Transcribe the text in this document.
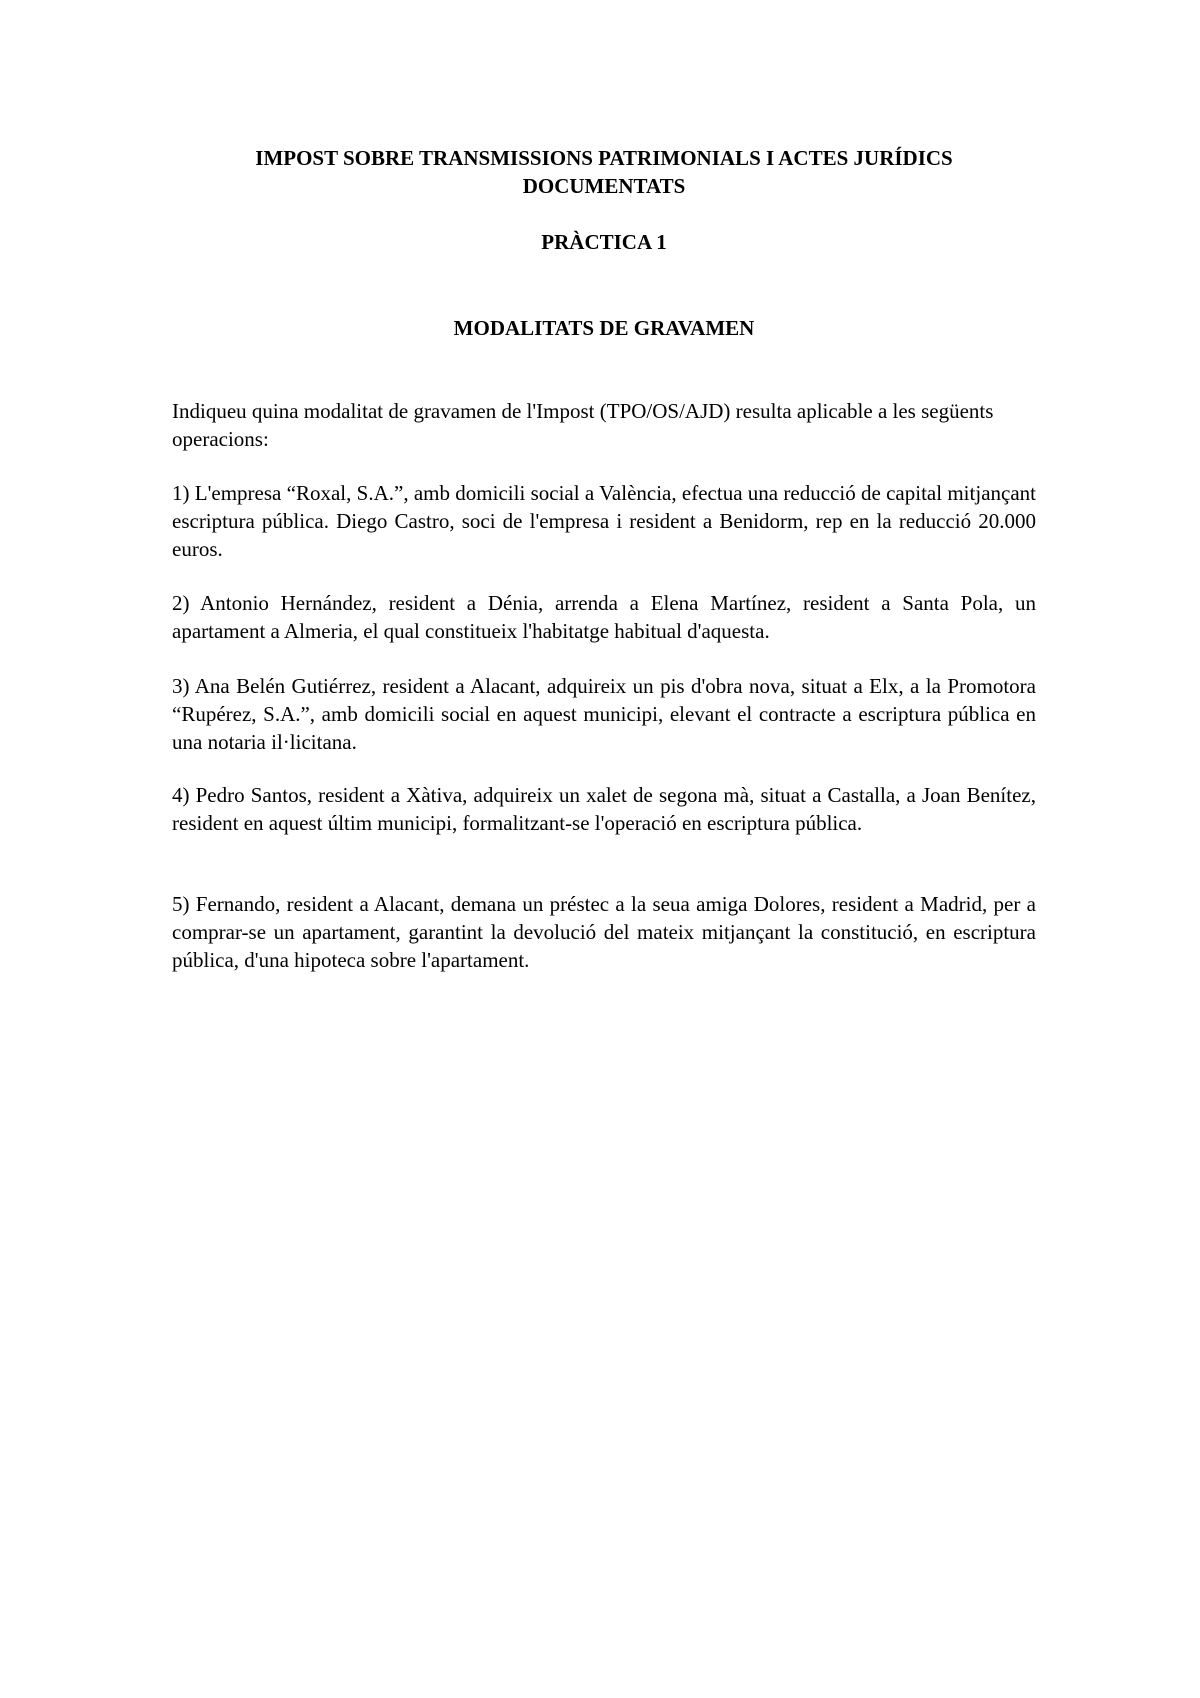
IMPOST SOBRE TRANSMISSIONS PATRIMONIALS I ACTES JURÍDICS DOCUMENTATS
PRÀCTICA 1
MODALITATS DE GRAVAMEN

Indiqueu quina modalitat de gravamen de l'Impost (TPO/OS/AJD) resulta aplicable a les següents operacions:

1) L'empresa “Roxal, S.A.”, amb domicili social a València, efectua una reducció de capital mitjançant escriptura pública. Diego Castro, soci de l'empresa i resident a Benidorm, rep en la reducció 20.000 euros.

2) Antonio Hernández, resident a Dénia, arrenda a Elena Martínez, resident a Santa Pola, un apartament a Almeria, el qual constitueix l'habitatge habitual d'aquesta.

3) Ana Belén Gutiérrez, resident a Alacant, adquireix un pis d'obra nova, situat a Elx, a la Promotora “Rupérez, S.A.”, amb domicili social en aquest municipi, elevant el contracte a escriptura pública en una notaria il·licitana.

4) Pedro Santos, resident a Xàtiva, adquireix un xalet de segona mà, situat a Castalla, a Joan Benítez, resident en aquest últim municipi, formalitzant-se l'operació en escriptura pública.

5) Fernando, resident a Alacant, demana un préstec a la seua amiga Dolores, resident a Madrid, per a comprar-se un apartament, garantint la devolució del mateix mitjançant la constitució, en escriptura pública, d'una hipoteca sobre l'apartament.
